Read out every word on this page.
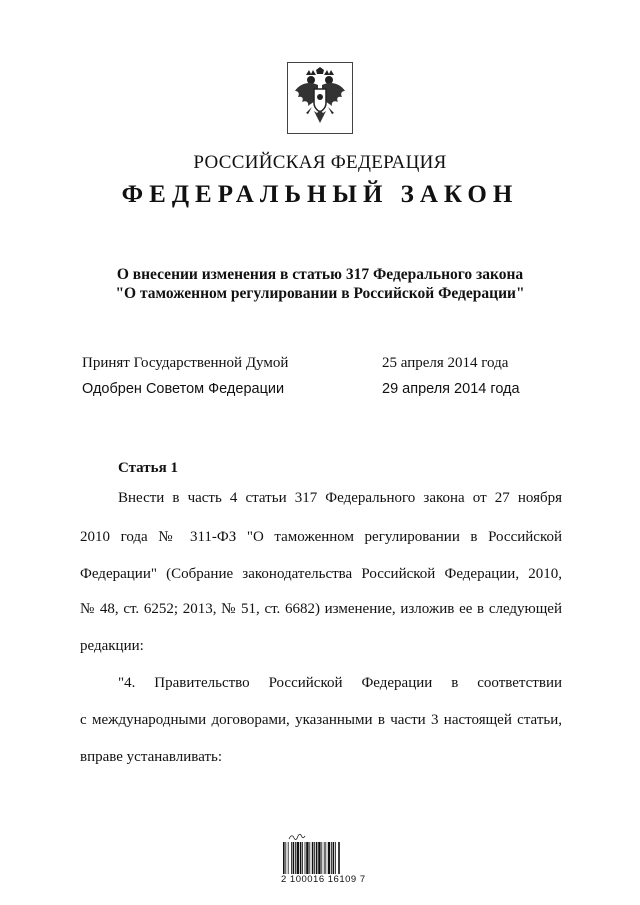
РОССИЙСКАЯ ФЕДЕРАЦИЯ
ФЕДЕРАЛЬНЫЙ ЗАКОН
О внесении изменения в статью 317 Федерального закона
"О таможенном регулировании в Российской Федерации"
Принят Государственной Думой	25 апреля 2014 года
Одобрен Советом Федерации	29 апреля 2014 года
Статья 1
Внести в часть 4 статьи 317 Федерального закона от 27 ноября
2010 года № 311-ФЗ "О таможенном регулировании в Российской
Федерации" (Собрание законодательства Российской Федерации, 2010,
№ 48, ст. 6252; 2013, № 51, ст. 6682) изменение, изложив ее в следующей
редакции:
"4. Правительство Российской Федерации в соответствии
с международными договорами, указанными в части 3 настоящей статьи,
вправе устанавливать:
2 100016 16109 7
